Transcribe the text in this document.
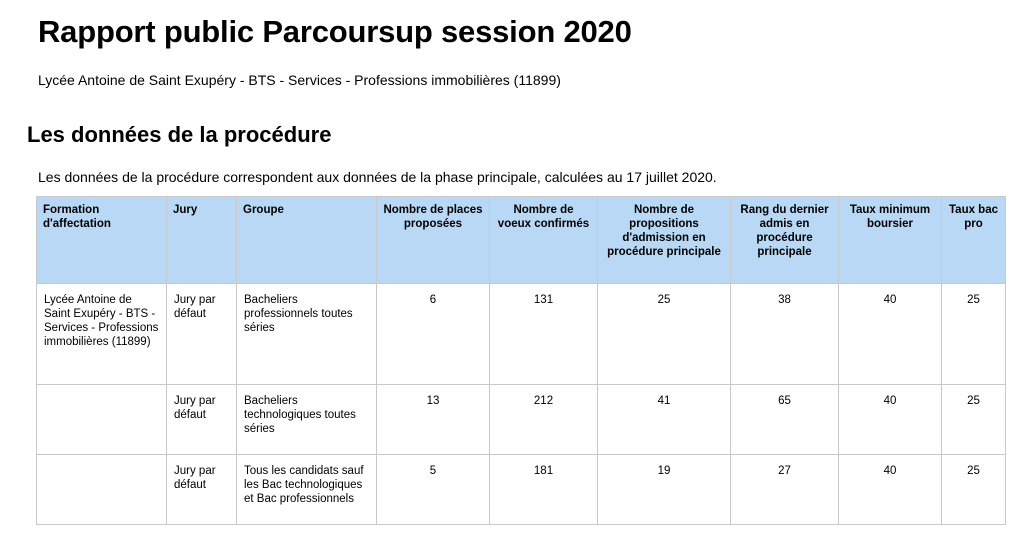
Rapport public Parcoursup session 2020

Lycée Antoine de Saint Exupéry - BTS - Services - Professions immobilières (11899)

Les données de la procédure

Les données de la procédure correspondent aux données de la phase principale, calculées au 17 juillet 2020.

Formation d'affectation	Jury	Groupe	Nombre de places proposées	Nombre de voeux confirmés	Nombre de propositions d'admission en procédure principale	Rang du dernier admis en procédure principale	Taux minimum boursier	Taux bac pro
Lycée Antoine de Saint Exupéry - BTS - Services - Professions immobilières (11899)	Jury par défaut	Bacheliers professionnels toutes séries	6	131	25	38	40	25
	Jury par défaut	Bacheliers technologiques toutes séries	13	212	41	65	40	25
	Jury par défaut	Tous les candidats sauf les Bac technologiques et Bac professionnels	5	181	19	27	40	25
